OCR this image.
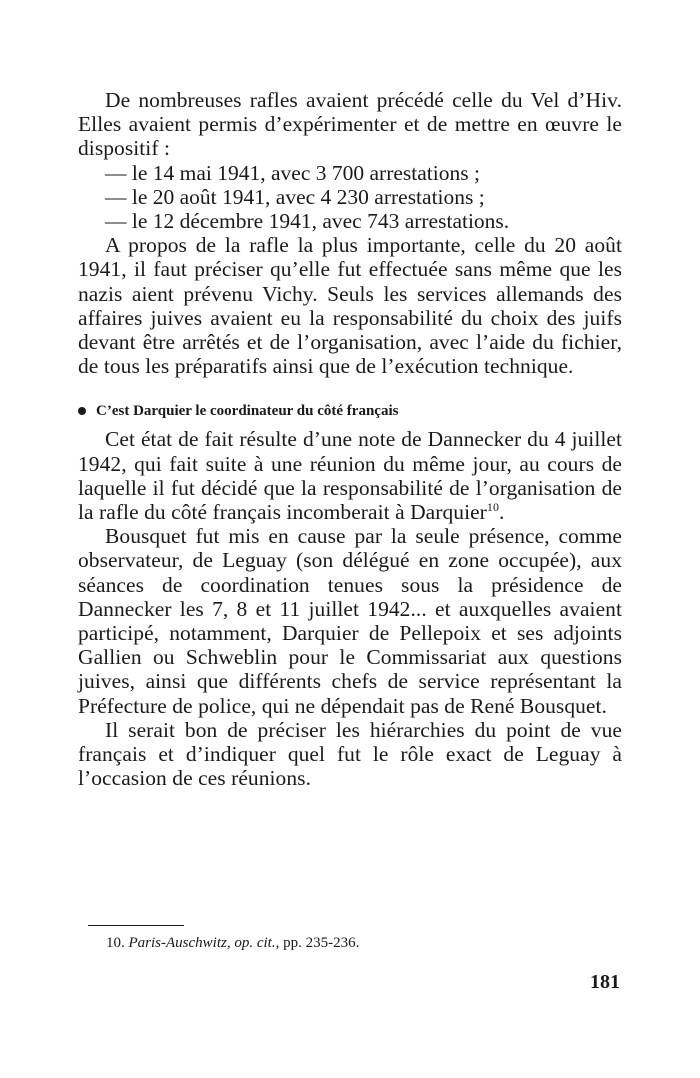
De nombreuses rafles avaient précédé celle du Vel d’Hiv. Elles avaient permis d’expérimenter et de mettre en œuvre le dispositif :

— le 14 mai 1941, avec 3 700 arrestations ;
— le 20 août 1941, avec 4 230 arrestations ;
— le 12 décembre 1941, avec 743 arrestations.

A propos de la rafle la plus importante, celle du 20 août 1941, il faut préciser qu’elle fut effectuée sans même que les nazis aient prévenu Vichy. Seuls les services allemands des affaires juives avaient eu la responsabilité du choix des juifs devant être arrêtés et de l’organisation, avec l’aide du fichier, de tous les préparatifs ainsi que de l’exécution technique.

C’est Darquier le coordinateur du côté français

Cet état de fait résulte d’une note de Dannecker du 4 juillet 1942, qui fait suite à une réunion du même jour, au cours de laquelle il fut décidé que la responsabilité de l’organisation de la rafle du côté français incomberait à Darquier$^{10}$.

Bousquet fut mis en cause par la seule présence, comme observateur, de Leguay (son délégué en zone occupée), aux séances de coordination tenues sous la présidence de Dannecker les 7, 8 et 11 juillet 1942... et auxquelles avaient participé, notamment, Darquier de Pellepoix et ses adjoints Gallien ou Schweblin pour le Commissariat aux questions juives, ainsi que différents chefs de service représentant la Préfecture de police, qui ne dépendait pas de René Bousquet.

Il serait bon de préciser les hiérarchies du point de vue français et d’indiquer quel fut le rôle exact de Leguay à l’occasion de ces réunions.

10. Paris-Auschwitz, op. cit., pp. 235-236.
181
